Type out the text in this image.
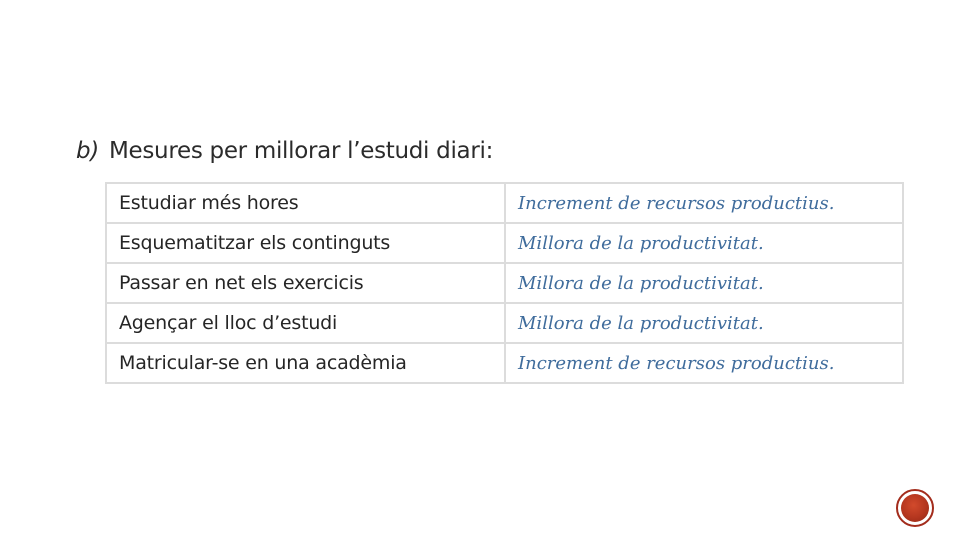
b) Mesures per millorar l’estudi diari:
Estudiar més hores	Increment de recursos productius.
Esquematitzar els continguts	Millora de la productivitat.
Passar en net els exercicis	Millora de la productivitat.
Agençar el lloc d’estudi	Millora de la productivitat.
Matricular-se en una acadèmia	Increment de recursos productius.
